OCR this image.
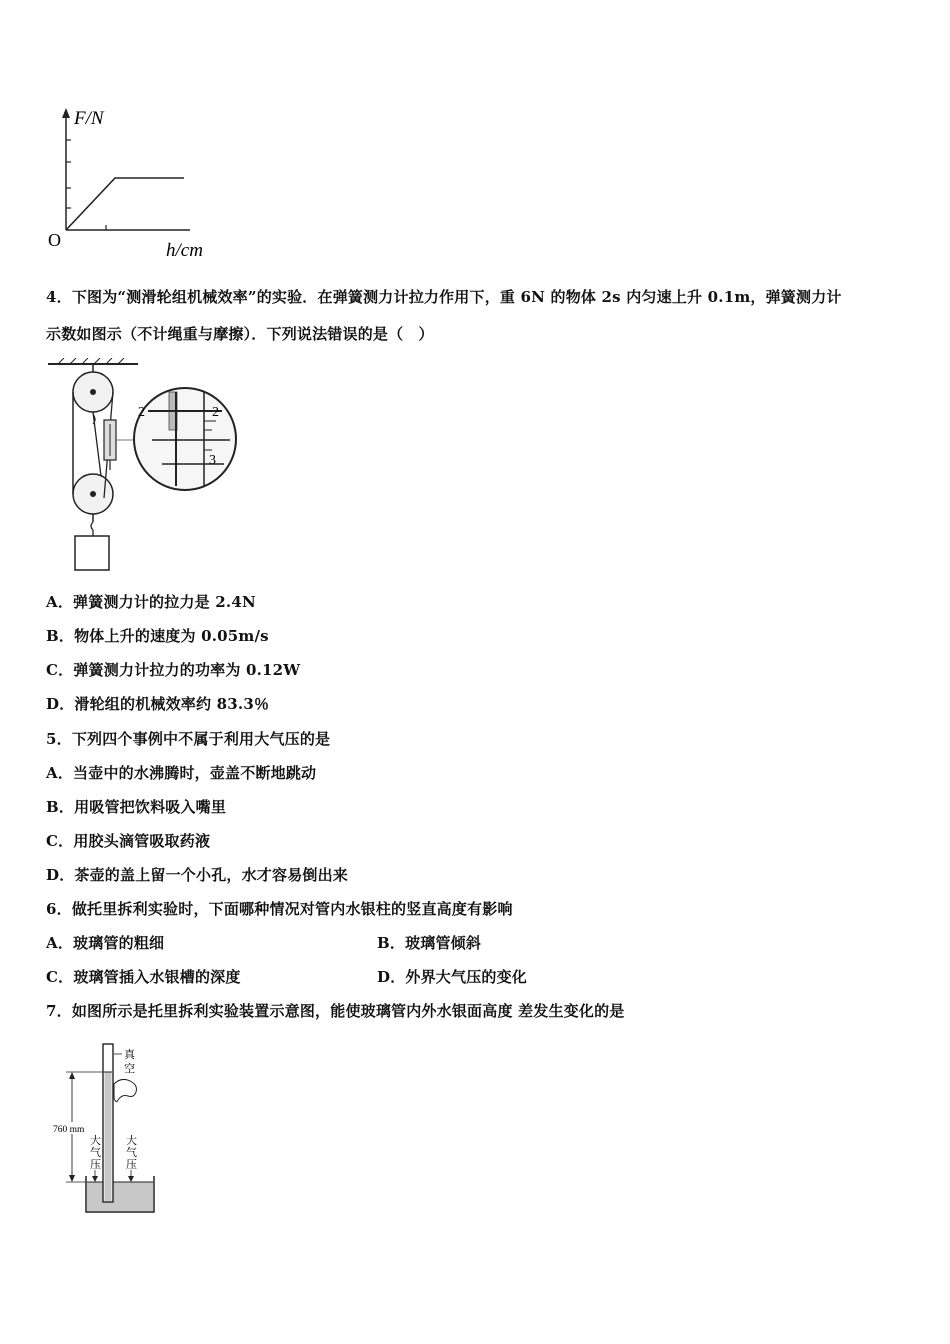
F/N
O	h/cm
4．下图为“测滑轮组机械效率”的实验．在弹簧测力计拉力作用下，重 6N 的物体 2s 内匀速上升 0.1m，弹簧测力计
示数如图示（不计绳重与摩擦）．下列说法错误的是（　）
2
3
2
A．弹簧测力计的拉力是 2.4N
B．物体上升的速度为 0.05m/s
C．弹簧测力计拉力的功率为 0.12W
D．滑轮组的机械效率约 83.3％
5．下列四个事例中不属于利用大气压的是
A．当壶中的水沸腾时，壶盖不断地跳动
B．用吸管把饮料吸入嘴里
C．用胶头滴管吸取药液
D．茶壶的盖上留一个小孔，水才容易倒出来
6．做托里拆利实验时，下面哪种情况对管内水银柱的竖直高度有影响
A．玻璃管的粗细	B．玻璃管倾斜
C．玻璃管插入水银槽的深度	D．外界大气压的变化
7．如图所示是托里拆利实验装置示意图，能使玻璃管内外水银面高度 差发生变化的是
真
空
760 mm
大
气
压
大
气
压
